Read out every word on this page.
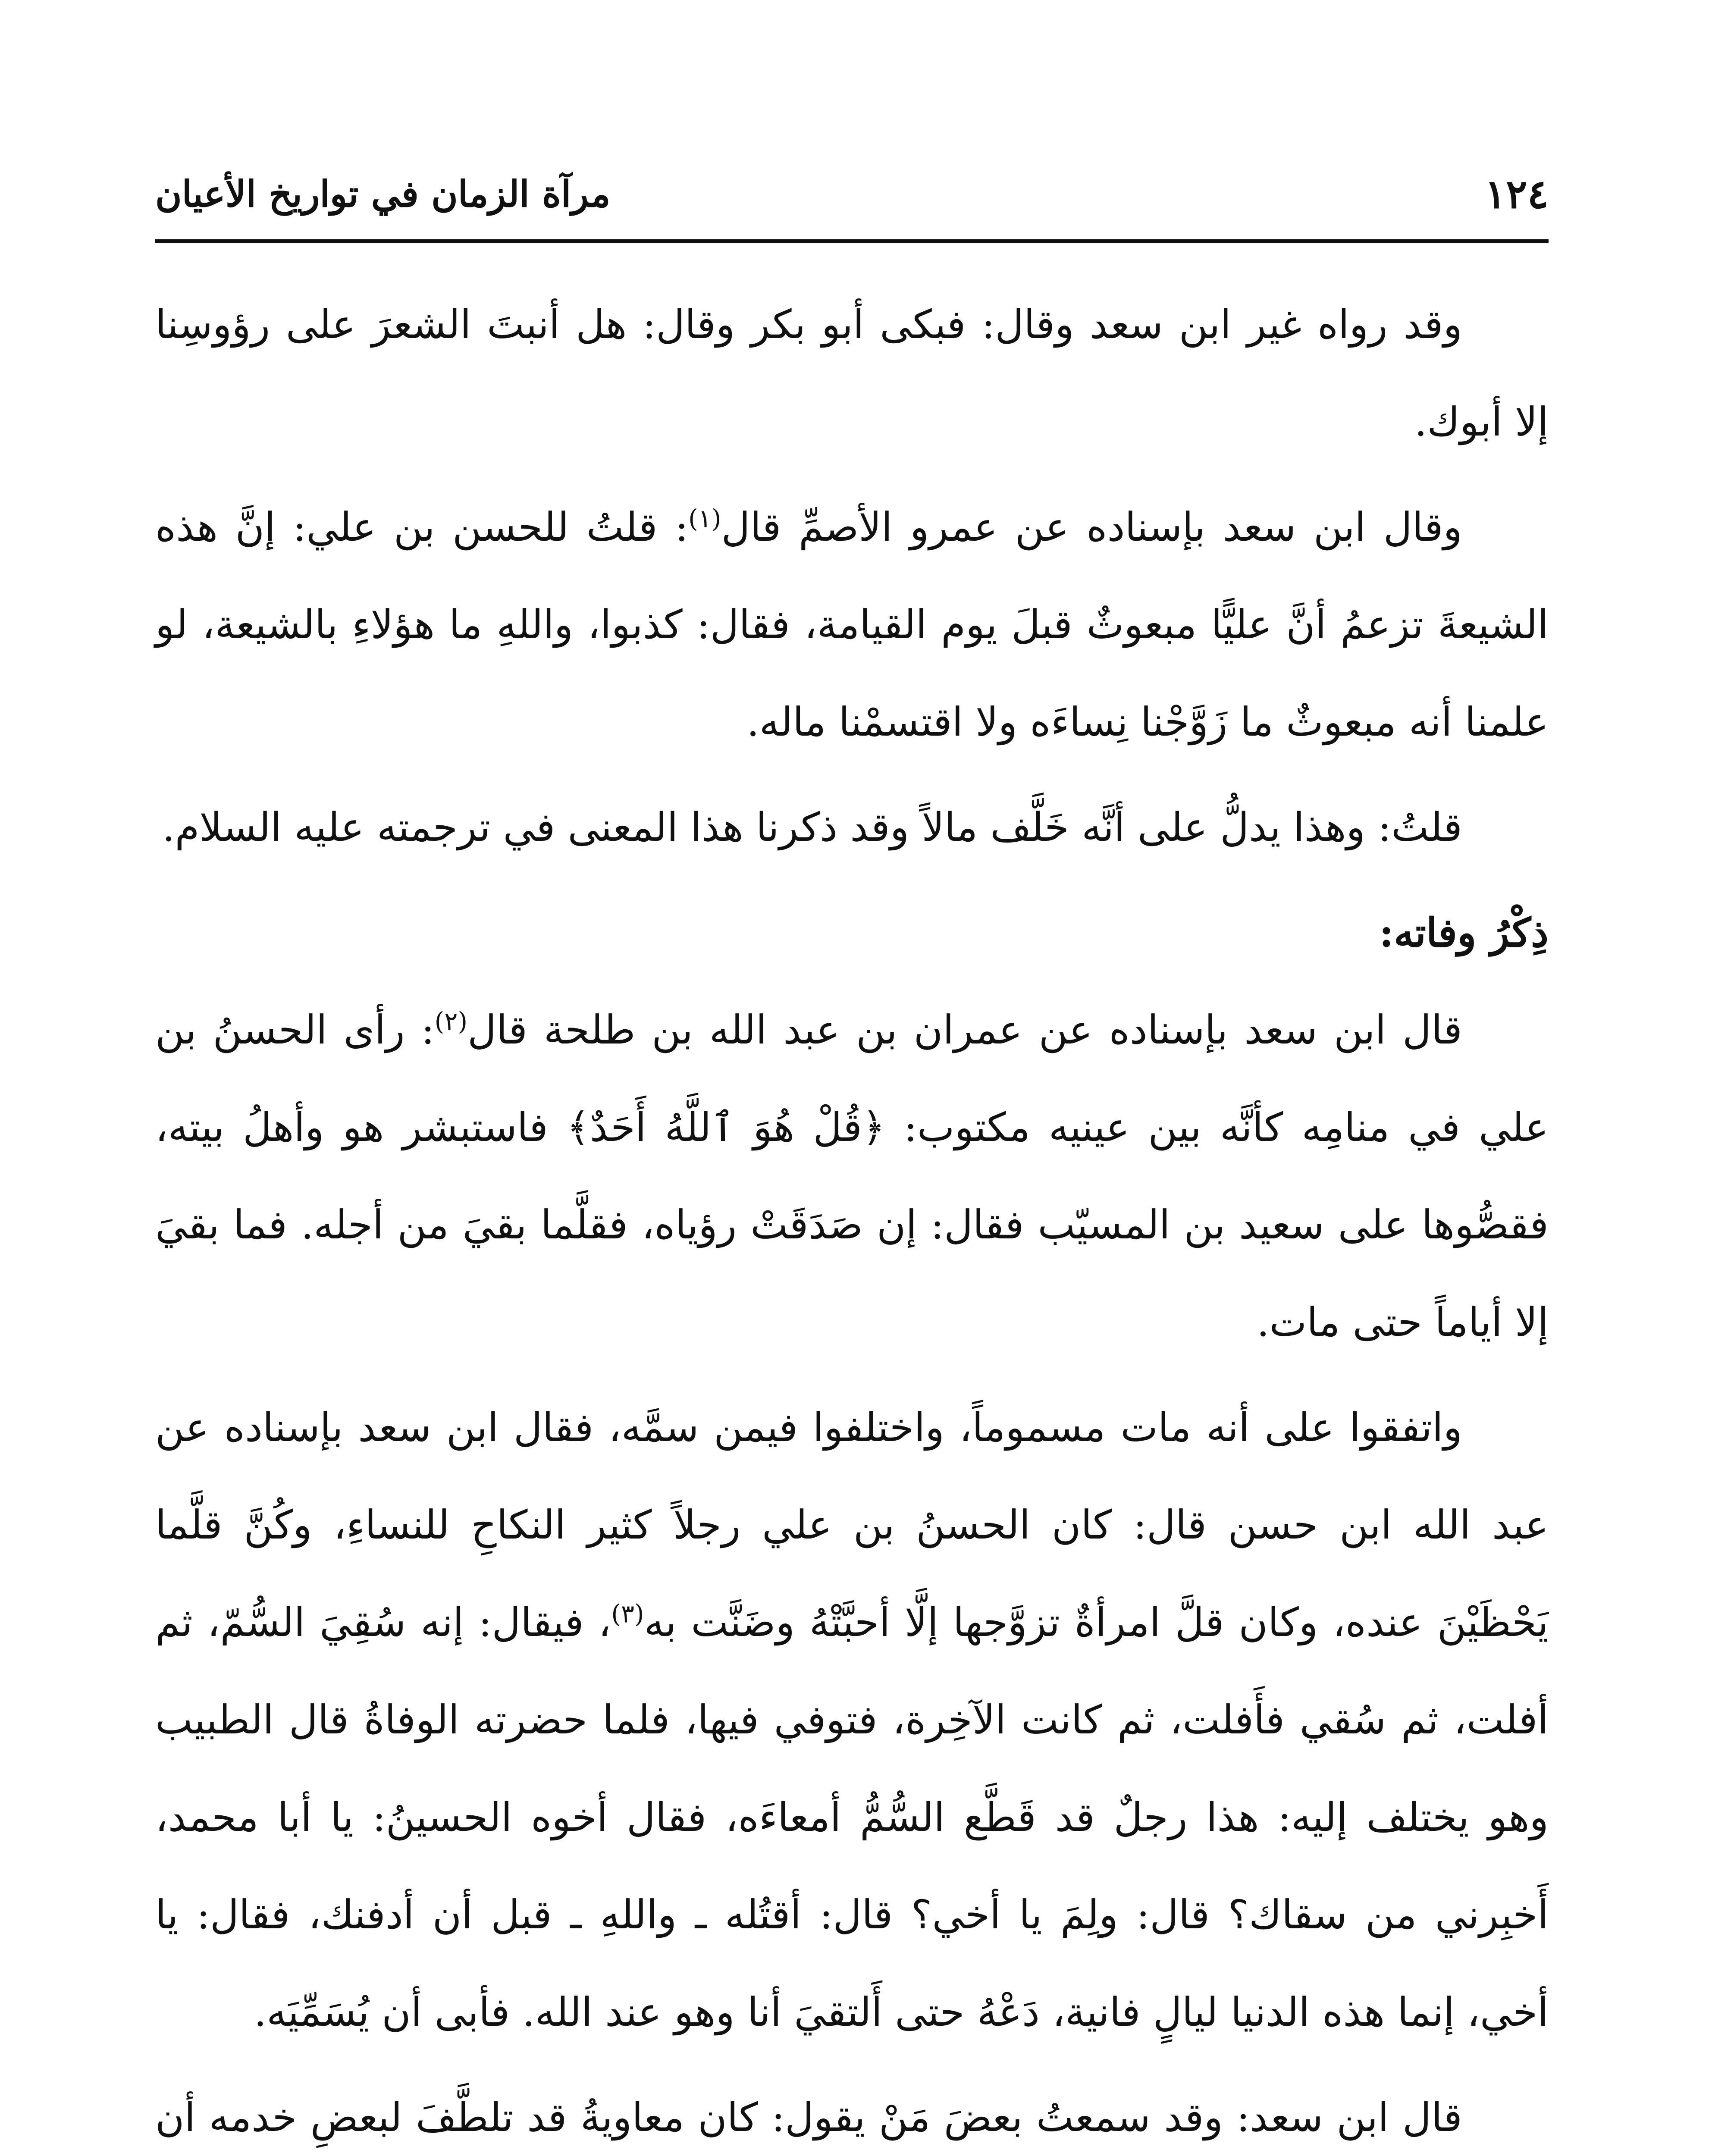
١٢٤
مرآة الزمان في تواريخ الأعيان

وقد رواه غير ابن سعد وقال: فبكى أبو بكر وقال: هل أنبتَ الشعرَ على رؤوسِنا إلا أبوك.

وقال ابن سعد بإسناده عن عمرو الأصمِّ قال$^{(١)}$: قلتُ للحسن بن علي: إنَّ هذه الشيعةَ تزعمُ أنَّ عليًّا مبعوثٌ قبلَ يوم القيامة، فقال: كذبوا، واللهِ ما هؤلاءِ بالشيعة، لو علمنا أنه مبعوثٌ ما زَوَّجْنا نِساءَه ولا اقتسمْنا ماله.

قلتُ: وهذا يدلُّ على أنَّه خَلَّف مالاً وقد ذكرنا هذا المعنى في ترجمته عليه السلام.

ذِكْرُ وفاته:

قال ابن سعد بإسناده عن عمران بن عبد الله بن طلحة قال$^{(٢)}$: رأى الحسنُ بن علي في منامِه كأنَّه بين عينيه مكتوب: ﴿قُلْ هُوَ ٱللَّهُ أَحَدٌ﴾ فاستبشر هو وأهلُ بيته، فقصُّوها على سعيد بن المسيّب فقال: إن صَدَقَتْ رؤياه، فقلَّما بقيَ من أجله. فما بقيَ إلا أياماً حتى مات.

واتفقوا على أنه مات مسموماً، واختلفوا فيمن سمَّه، فقال ابن سعد بإسناده عن عبد الله ابن حسن قال: كان الحسنُ بن علي رجلاً كثير النكاحِ للنساءِ، وكُنَّ قلَّما يَحْظَيْنَ عنده، وكان قلَّ امرأةٌ تزوَّجها إلَّا أحبَّتْهُ وضَنَّت به$^{(٣)}$، فيقال: إنه سُقِيَ السُّمّ، ثم أفلت، ثم سُقي فأَفلت، ثم كانت الآخِرة، فتوفي فيها، فلما حضرته الوفاةُ قال الطبيب وهو يختلف إليه: هذا رجلٌ قد قَطَّع السُّمُّ أمعاءَه، فقال أخوه الحسينُ: يا أبا محمد، أَخبِرني من سقاك؟ قال: ولِمَ يا أخي؟ قال: أقتُله ـ واللهِ ـ قبل أن أدفنك، فقال: يا أخي، إنما هذه الدنيا ليالٍ فانية، دَعْهُ حتى أَلتقيَ أنا وهو عند الله. فأبى أن يُسَمِّيَه.

قال ابن سعد: وقد سمعتُ بعضَ مَنْ يقول: كان معاويةُ قد تلطَّفَ لبعضِ خدمه أن
